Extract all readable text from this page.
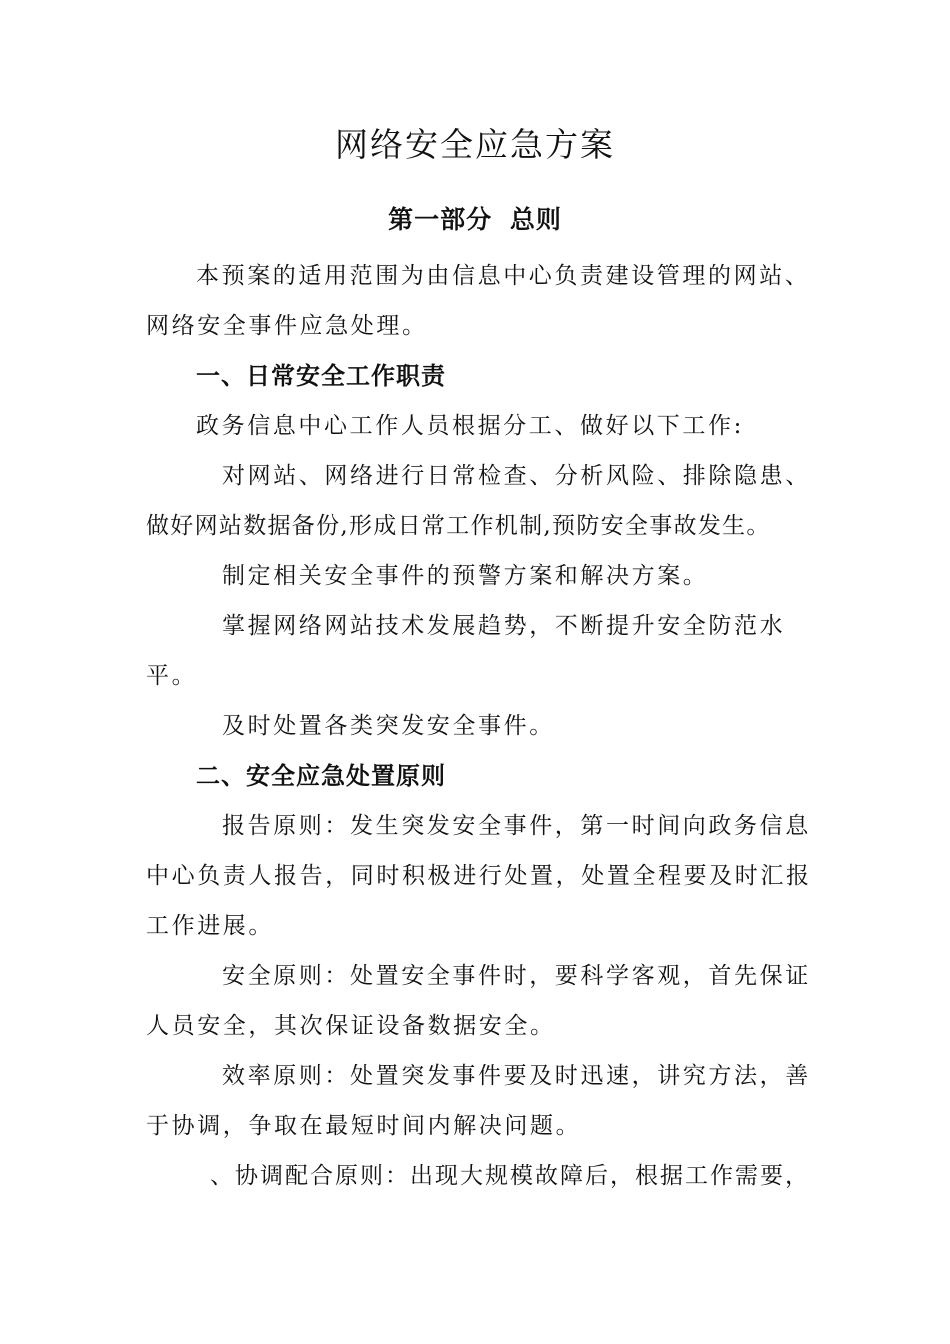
网络安全应急方案
第一部分 总则
本预案的适用范围为由信息中心负责建设管理的网站、
网络安全事件应急处理。
一、日常安全工作职责
政务信息中心工作人员根据分工、做好以下工作:
对网站、网络进行日常检查、分析风险、排除隐患、
做好网站数据备份,形成日常工作机制,预防安全事故发生。
制定相关安全事件的预警方案和解决方案。
掌握网络网站技术发展趋势，不断提升安全防范水
平。
及时处置各类突发安全事件。
二、安全应急处置原则
报告原则：发生突发安全事件，第一时间向政务信息
中心负责人报告，同时积极进行处置，处置全程要及时汇报
工作进展。
安全原则：处置安全事件时，要科学客观，首先保证
人员安全，其次保证设备数据安全。
效率原则：处置突发事件要及时迅速，讲究方法，善
于协调，争取在最短时间内解决问题。
、协调配合原则：出现大规模故障后，根据工作需要，
